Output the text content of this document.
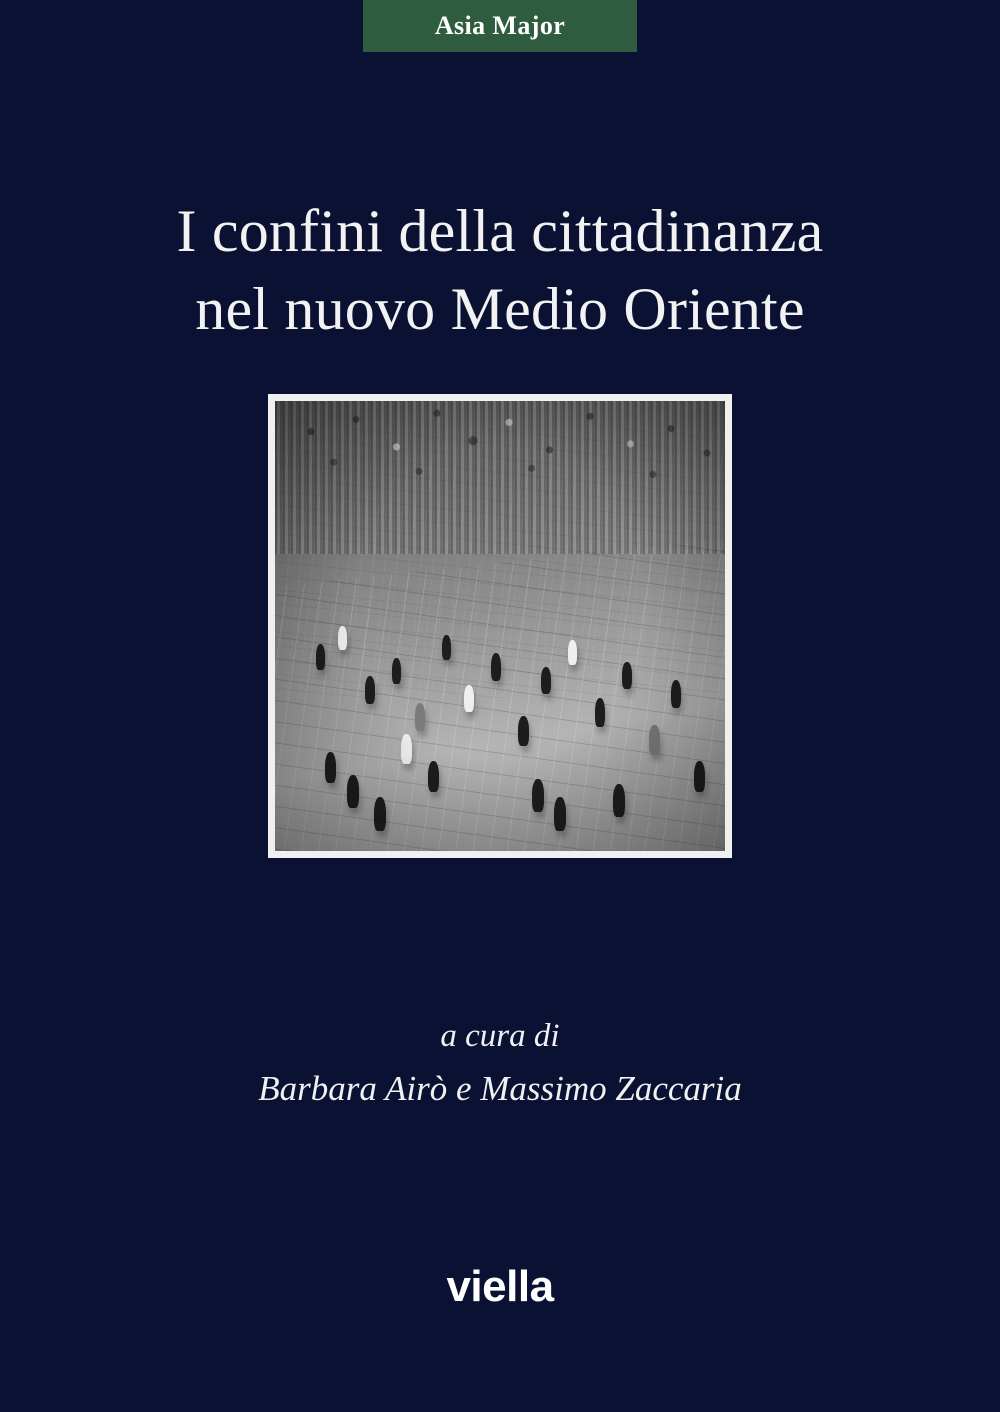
Asia Major
I confini della cittadinanza
nel nuovo Medio Oriente
a cura di
Barbara Airò e Massimo Zaccaria
viella
